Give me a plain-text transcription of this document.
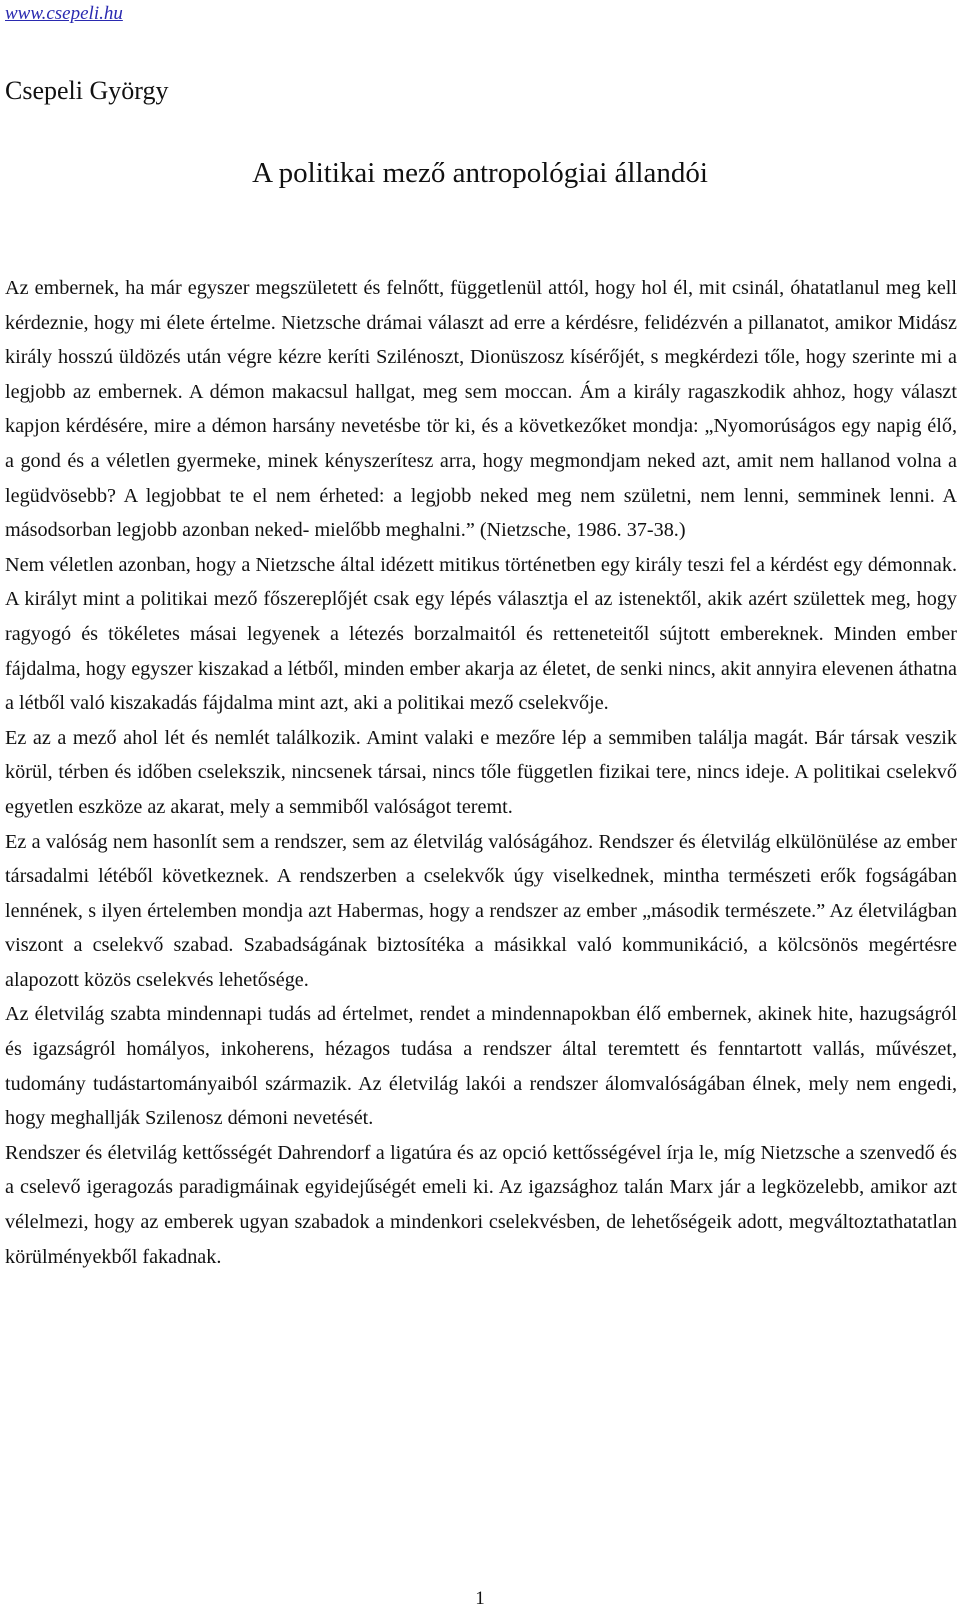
www.csepeli.hu
Csepeli György
A politikai mező antropológiai állandói

Az embernek, ha már egyszer megszületett és felnőtt, függetlenül attól, hogy hol él, mit csinál, óhatatlanul meg kell kérdeznie, hogy mi élete értelme. Nietzsche drámai választ ad erre a kérdésre, felidézvén a pillanatot, amikor Midász király hosszú üldözés után végre kézre keríti Szilénoszt, Dionüszosz kísérőjét, s megkérdezi tőle, hogy szerinte mi a legjobb az embernek. A démon makacsul hallgat, meg sem moccan. Ám a király ragaszkodik ahhoz, hogy választ kapjon kérdésére, mire a démon harsány nevetésbe tör ki, és a következőket mondja: „Nyomorúságos egy napig élő, a gond és a véletlen gyermeke, minek kényszerítesz arra, hogy megmondjam neked azt, amit nem hallanod volna a legüdvösebb? A legjobbat te el nem érheted: a legjobb neked meg nem születni, nem lenni, semminek lenni. A másodsorban legjobb azonban neked- mielőbb meghalni.” (Nietzsche, 1986. 37-38.)

Nem véletlen azonban, hogy a Nietzsche által idézett mitikus történetben egy király teszi fel a kérdést egy démonnak. A királyt mint a politikai mező főszereplőjét csak egy lépés választja el az istenektől, akik azért születtek meg, hogy ragyogó és tökéletes másai legyenek a létezés borzalmaitól és retteneteitől sújtott embereknek. Minden ember fájdalma, hogy egyszer kiszakad a létből, minden ember akarja az életet, de senki nincs, akit annyira elevenen áthatna a létből való kiszakadás fájdalma mint azt, aki a politikai mező cselekvője.

Ez az a mező ahol lét és nemlét találkozik. Amint valaki e mezőre lép a semmiben találja magát. Bár társak veszik körül, térben és időben cselekszik, nincsenek társai, nincs tőle független fizikai tere, nincs ideje. A politikai cselekvő egyetlen eszköze az akarat, mely a semmiből valóságot teremt.

Ez a valóság nem hasonlít sem a rendszer, sem az életvilág valóságához. Rendszer és életvilág elkülönülése az ember társadalmi létéből következnek. A rendszerben a cselekvők úgy viselkednek, mintha természeti erők fogságában lennének, s ilyen értelemben mondja azt Habermas, hogy a rendszer az ember „második természete.” Az életvilágban viszont a cselekvő szabad. Szabadságának biztosítéka a másikkal való kommunikáció, a kölcsönös megértésre alapozott közös cselekvés lehetősége.

Az életvilág szabta mindennapi tudás ad értelmet, rendet a mindennapokban élő embernek, akinek hite, hazugságról és igazságról homályos, inkoherens, hézagos tudása a rendszer által teremtett és fenntartott vallás, művészet, tudomány tudástartományaiból származik. Az életvilág lakói a rendszer álomvalóságában élnek, mely nem engedi, hogy meghallják Szilenosz démoni nevetését.

Rendszer és életvilág kettősségét Dahrendorf a ligatúra és az opció kettősségével írja le, míg Nietzsche a szenvedő és a cselevő igeragozás paradigmáinak egyidejűségét emeli ki. Az igazsághoz talán Marx jár a legközelebb, amikor azt vélelmezi, hogy az emberek ugyan szabadok a mindenkori cselekvésben, de lehetőségeik adott, megváltoztathatatlan körülményekből fakadnak.

1
